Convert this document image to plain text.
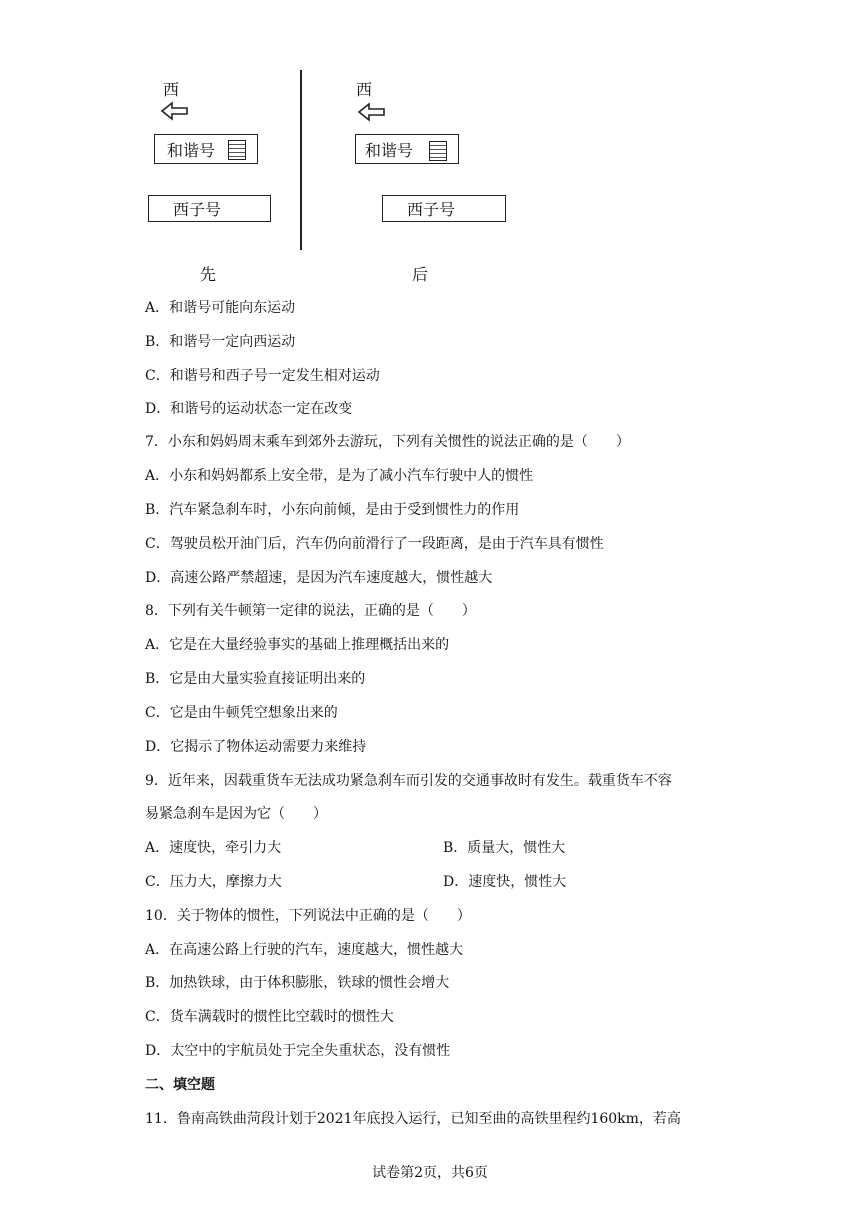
西
和谐号
西子号
西
和谐号
西子号
先	后
A．和谐号可能向东运动
B．和谐号一定向西运动
C．和谐号和西子号一定发生相对运动
D．和谐号的运动状态一定在改变
7．小东和妈妈周末乘车到郊外去游玩，下列有关惯性的说法正确的是（　　）
A．小东和妈妈都系上安全带，是为了减小汽车行驶中人的惯性
B．汽车紧急刹车时，小东向前倾，是由于受到惯性力的作用
C．驾驶员松开油门后，汽车仍向前滑行了一段距离，是由于汽车具有惯性
D．高速公路严禁超速，是因为汽车速度越大，惯性越大
8．下列有关牛顿第一定律的说法，正确的是（　　）
A．它是在大量经验事实的基础上推理概括出来的
B．它是由大量实验直接证明出来的
C．它是由牛顿凭空想象出来的
D．它揭示了物体运动需要力来维持
9．近年来，因载重货车无法成功紧急刹车而引发的交通事故时有发生。载重货车不容
易紧急刹车是因为它（　　）
A．速度快，牵引力大	B．质量大，惯性大
C．压力大，摩擦力大	D．速度快，惯性大
10．关于物体的惯性，下列说法中正确的是（　　）
A．在高速公路上行驶的汽车，速度越大，惯性越大
B．加热铁球，由于体积膨胀，铁球的惯性会增大
C．货车满载时的惯性比空载时的惯性大
D．太空中的宇航员处于完全失重状态，没有惯性
二、填空题
11．鲁南高铁曲菏段计划于2021年底投入运行，已知至曲的高铁里程约160km，若高
试卷第2页，共6页
